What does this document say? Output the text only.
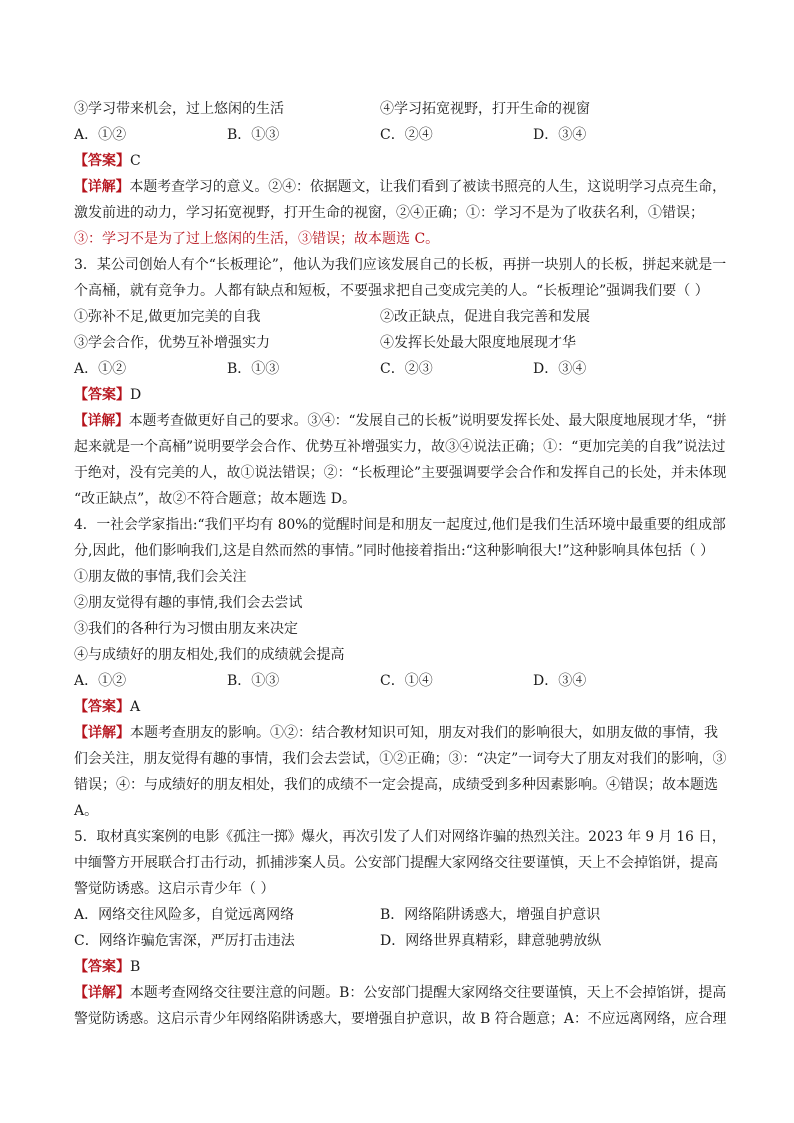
③学习带来机会，过上悠闲的生活	④学习拓宽视野，打开生命的视窗
A．①②	B．①③	C．②④	D．③④
【答案】C
【详解】本题考查学习的意义。②④：依据题文，让我们看到了被读书照亮的人生，这说明学习点亮生命，
激发前进的动力，学习拓宽视野，打开生命的视窗，②④正确；①：学习不是为了收获名利，①错误；
③：学习不是为了过上悠闲的生活，③错误；故本题选 C。
3．某公司创始人有个“长板理论”，他认为我们应该发展自己的长板，再拼一块别人的长板，拼起来就是一
个高桶，就有竞争力。人都有缺点和短板，不要强求把自己变成完美的人。“长板理论”强调我们要（ ）
①弥补不足,做更加完美的自我	②改正缺点，促进自我完善和发展
③学会合作，优势互补增强实力	④发挥长处最大限度地展现才华
A．①②	B．①③	C．②③	D．③④
【答案】D
【详解】本题考查做更好自己的要求。③④：“发展自己的长板”说明要发挥长处、最大限度地展现才华，“拼
起来就是一个高桶”说明要学会合作、优势互补增强实力，故③④说法正确；①：“更加完美的自我”说法过
于绝对，没有完美的人，故①说法错误；②：“长板理论”主要强调要学会合作和发挥自己的长处，并未体现
“改正缺点”，故②不符合题意；故本题选 D。
4．一社会学家指出:“我们平均有 80%的觉醒时间是和朋友一起度过,他们是我们生活环境中最重要的组成部
分,因此，他们影响我们,这是自然而然的事情。”同时他接着指出:“这种影响很大!”这种影响具体包括（ ）
①朋友做的事情,我们会关注
②朋友觉得有趣的事情,我们会去尝试
③我们的各种行为习惯由朋友来决定
④与成绩好的朋友相处,我们的成绩就会提高
A．①②	B．①③	C．①④	D．③④
【答案】A
【详解】本题考查朋友的影响。①②：结合教材知识可知，朋友对我们的影响很大，如朋友做的事情，我
们会关注，朋友觉得有趣的事情，我们会去尝试，①②正确；③：“决定”一词夸大了朋友对我们的影响，③
错误；④：与成绩好的朋友相处，我们的成绩不一定会提高，成绩受到多种因素影响。④错误；故本题选
A。
5．取材真实案例的电影《孤注一掷》爆火，再次引发了人们对网络诈骗的热烈关注。2023 年 9 月 16 日，
中缅警方开展联合打击行动，抓捕涉案人员。公安部门提醒大家网络交往要谨慎，天上不会掉馅饼，提高
警觉防诱惑。这启示青少年（ ）
A．网络交往风险多，自觉远离网络	B．网络陷阱诱惑大，增强自护意识
C．网络诈骗危害深，严厉打击违法	D．网络世界真精彩，肆意驰骋放纵
【答案】B
【详解】本题考查网络交往要注意的问题。B：公安部门提醒大家网络交往要谨慎，天上不会掉馅饼，提高
警觉防诱惑。这启示青少年网络陷阱诱惑大，要增强自护意识，故 B 符合题意；A：不应远离网络，应合理
